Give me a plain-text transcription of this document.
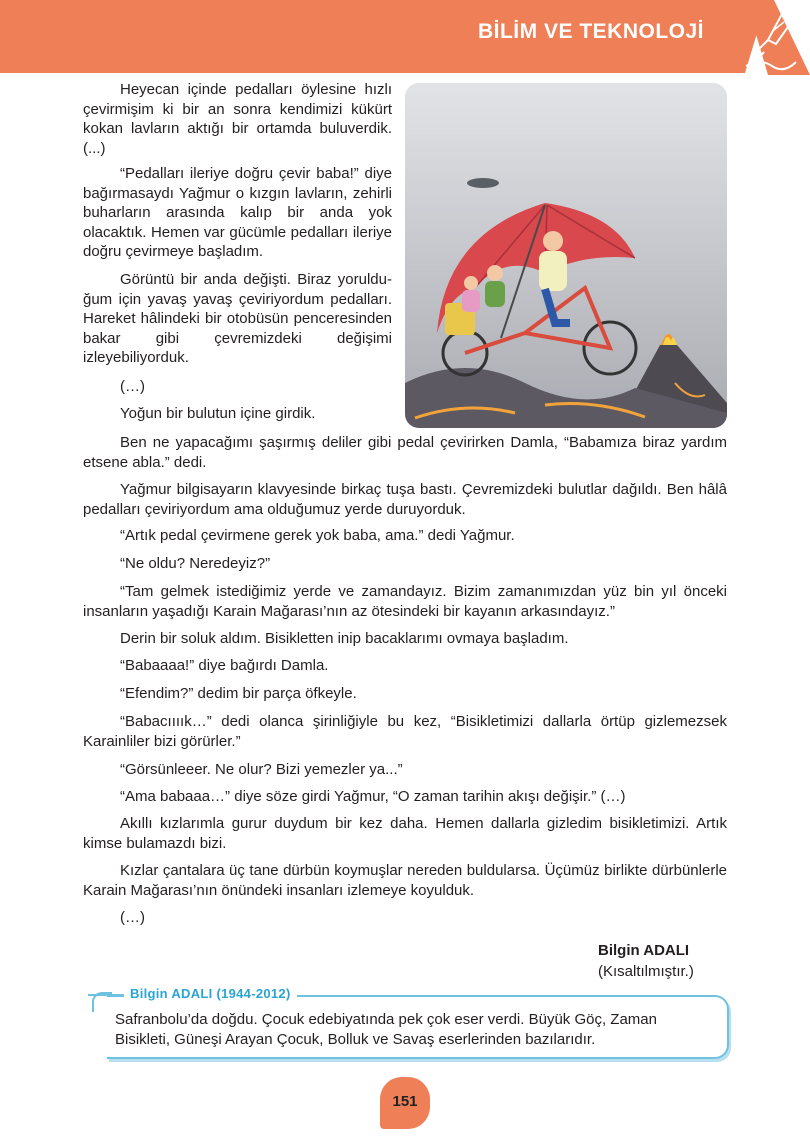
BİLİM VE TEKNOLOJİ

Heyecan içinde pedalları öylesine hızlı çevirmişim ki bir an sonra kendimizi kükürt kokan lavların aktığı bir ortamda buluverdik. (...)

“Pedalları ileriye doğru çevir baba!” diye bağırmasaydı Yağmur o kızgın lavların, zehirli buharların arasında kalıp bir anda yok olacaktık. Hemen var gücümle pedalları ileriye doğru çevirmeye başladım.

Görüntü bir anda değişti. Biraz yorulduğum için yavaş yavaş çeviriyordum pedalları. Hareket hâlindeki bir otobüsün penceresinden bakar gibi çevremizdeki değişimi izleyebiliyorduk.

(…)

Yoğun bir bulutun içine girdik.

Ben ne yapacağımı şaşırmış deliler gibi pedal çevirirken Damla, “Babamıza biraz yardım etsene abla.” dedi.

Yağmur bilgisayarın klavyesinde birkaç tuşa bastı. Çevremizdeki bulutlar dağıldı. Ben hâlâ pedalları çeviriyordum ama olduğumuz yerde duruyorduk.

“Artık pedal çevirmene gerek yok baba, ama.” dedi Yağmur.

“Ne oldu? Neredeyiz?”

“Tam gelmek istediğimiz yerde ve zamandayız. Bizim zamanımızdan yüz bin yıl önceki insanların yaşadığı Karain Mağarası’nın az ötesindeki bir kayanın arkasındayız.”

Derin bir soluk aldım. Bisikletten inip bacaklarımı ovmaya başladım.

“Babaaaa!” diye bağırdı Damla.

“Efendim?” dedim bir parça öfkeyle.

“Babacıııık…” dedi olanca şirinliğiyle bu kez, “Bisikletimizi dallarla örtüp gizlemezsek Karainliler bizi görürler.”

“Görsünleeer. Ne olur? Bizi yemezler ya...”

“Ama babaaa…” diye söze girdi Yağmur, “O zaman tarihin akışı değişir.” (…)

Akıllı kızlarımla gurur duydum bir kez daha. Hemen dallarla gizledim bisikletimizi. Artık kimse bulamazdı bizi.

Kızlar çantalara üç tane dürbün koymuşlar nereden buldularsa. Üçümüz birlikte dürbünlerle Karain Mağarası’nın önündeki insanları izlemeye koyulduk.

(…)

Bilgin ADALI
(Kısaltılmıştır.)
Bilgin ADALI (1944-2012)

Safranbolu’da doğdu. Çocuk edebiyatında pek çok eser verdi. Büyük Göç, Zaman Bisikleti, Güneşi Arayan Çocuk, Bolluk ve Savaş eserlerinden bazılarıdır.

151
